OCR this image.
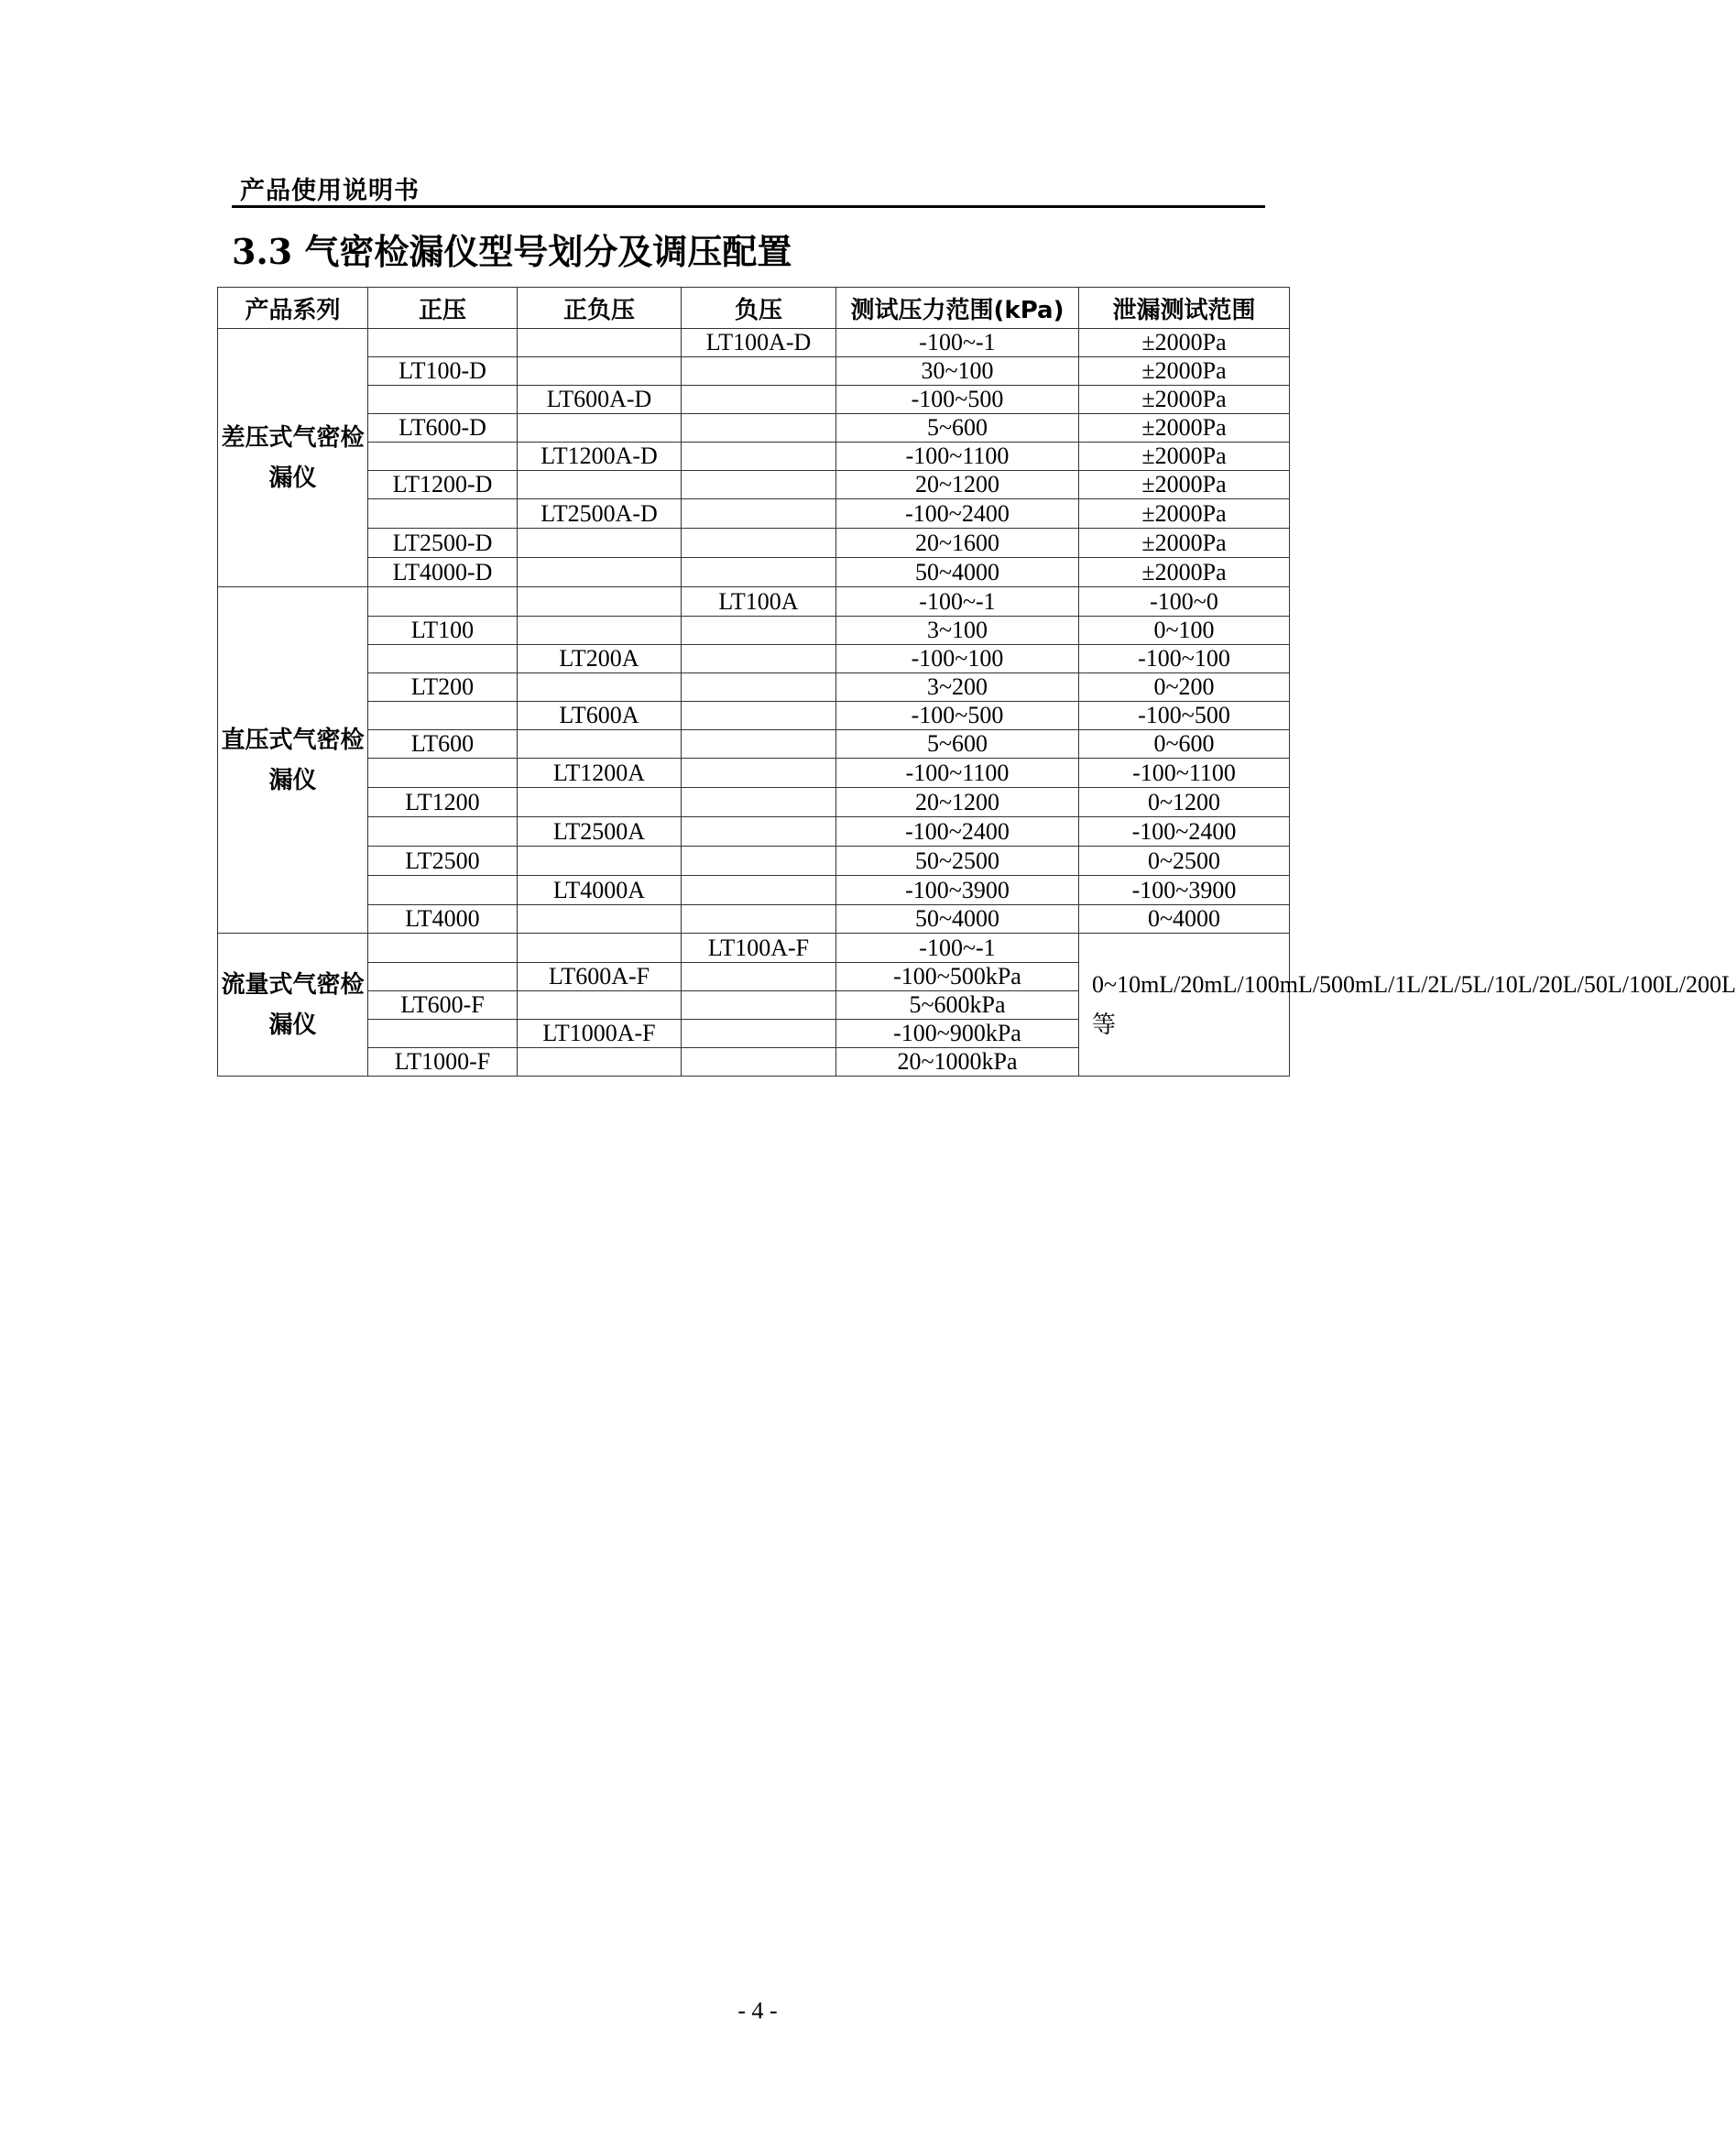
产品使用说明书
3.3 气密检漏仪型号划分及调压配置
产品系列	正压	正负压	负压	测试压力范围(kPa)	泄漏测试范围
差压式气密检漏仪			LT100A-D	-100~-1	±2000Pa
	LT100-D			30~100	±2000Pa
		LT600A-D		-100~500	±2000Pa
	LT600-D			5~600	±2000Pa
		LT1200A-D		-100~1100	±2000Pa
	LT1200-D			20~1200	±2000Pa
		LT2500A-D		-100~2400	±2000Pa
	LT2500-D			20~1600	±2000Pa
	LT4000-D			50~4000	±2000Pa
直压式气密检漏仪			LT100A	-100~-1	-100~0
	LT100			3~100	0~100
		LT200A		-100~100	-100~100
	LT200			3~200	0~200
		LT600A		-100~500	-100~500
	LT600			5~600	0~600
		LT1200A		-100~1100	-100~1100
	LT1200			20~1200	0~1200
		LT2500A		-100~2400	-100~2400
	LT2500			50~2500	0~2500
		LT4000A		-100~3900	-100~3900
	LT4000			50~4000	0~4000
流量式气密检漏仪			LT100A-F	-100~-1	0~10mL/20mL/100mL/500mL/1L/2L/5L/10L/20L/50L/100L/200L 等
		LT600A-F		-100~500kPa	
	LT600-F			5~600kPa	
		LT1000A-F		-100~900kPa	
	LT1000-F			20~1000kPa	
- 4 -
